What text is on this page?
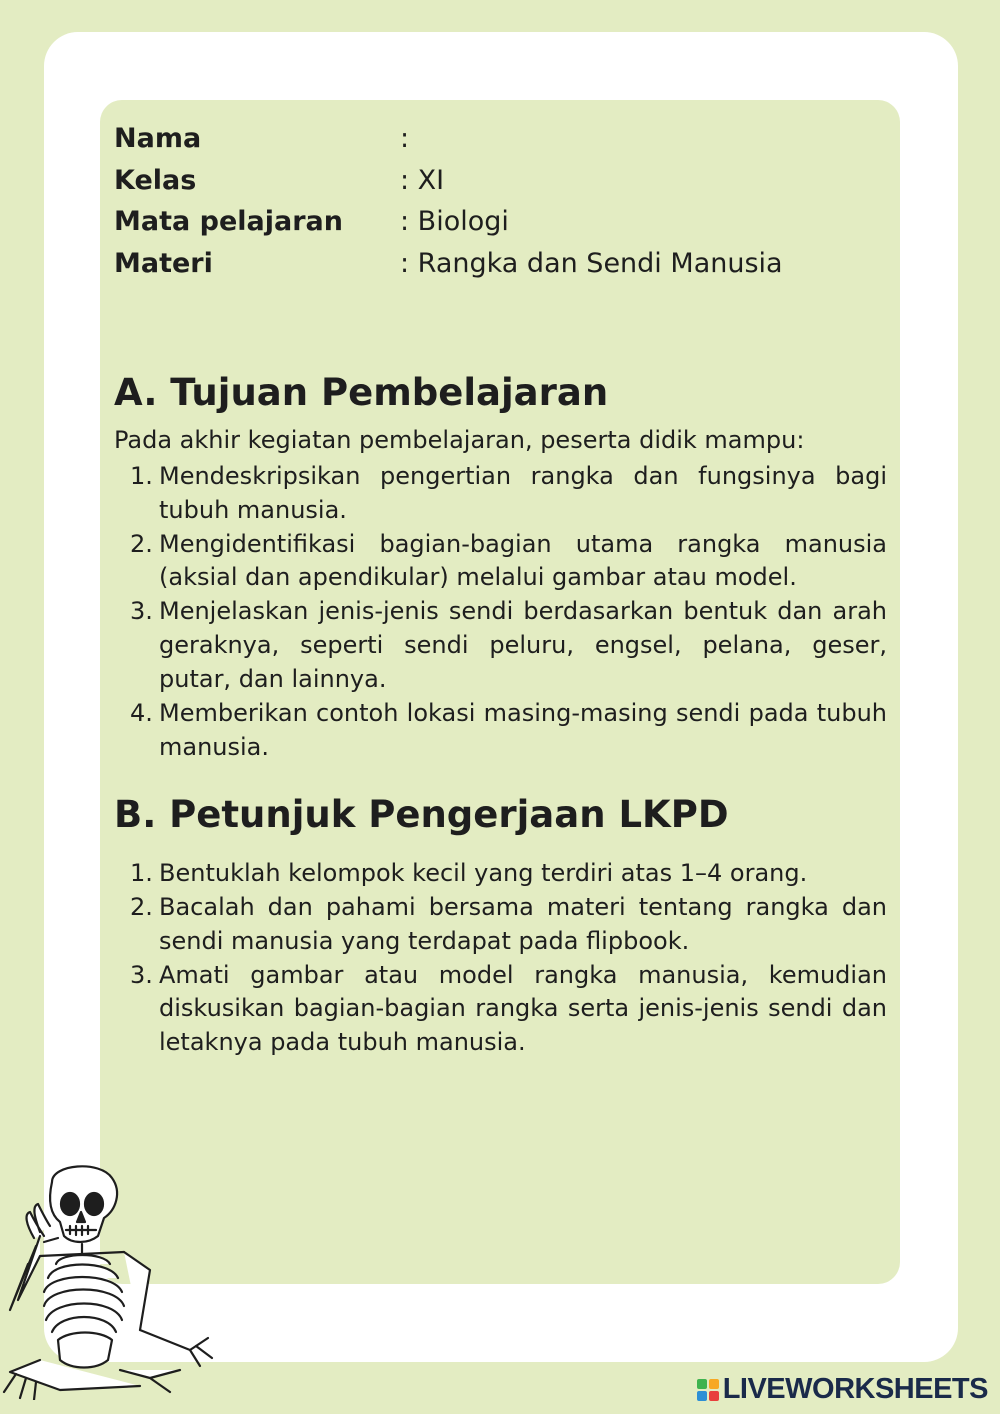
Nama	:
Kelas	: XI
Mata pelajaran	: Biologi
Materi	: Rangka dan Sendi Manusia
A. Tujuan Pembelajaran

Pada akhir kegiatan pembelajaran, peserta didik mampu:

1. Mendeskripsikan pengertian rangka dan fungsinya bagi tubuh manusia.
2. Mengidentifikasi bagian-bagian utama rangka manusia (aksial dan apendikular) melalui gambar atau model.
3. Menjelaskan jenis-jenis sendi berdasarkan bentuk dan arah geraknya, seperti sendi peluru, engsel, pelana, geser, putar, dan lainnya.
4. Memberikan contoh lokasi masing-masing sendi pada tubuh manusia.
B. Petunjuk Pengerjaan LKPD
1. Bentuklah kelompok kecil yang terdiri atas 1–4 orang.
2. Bacalah dan pahami bersama materi tentang rangka dan sendi manusia yang terdapat pada flipbook.
3. Amati gambar atau model rangka manusia, kemudian diskusikan bagian-bagian rangka serta jenis-jenis sendi dan letaknya pada tubuh manusia.
LIVEWORKSHEETS
